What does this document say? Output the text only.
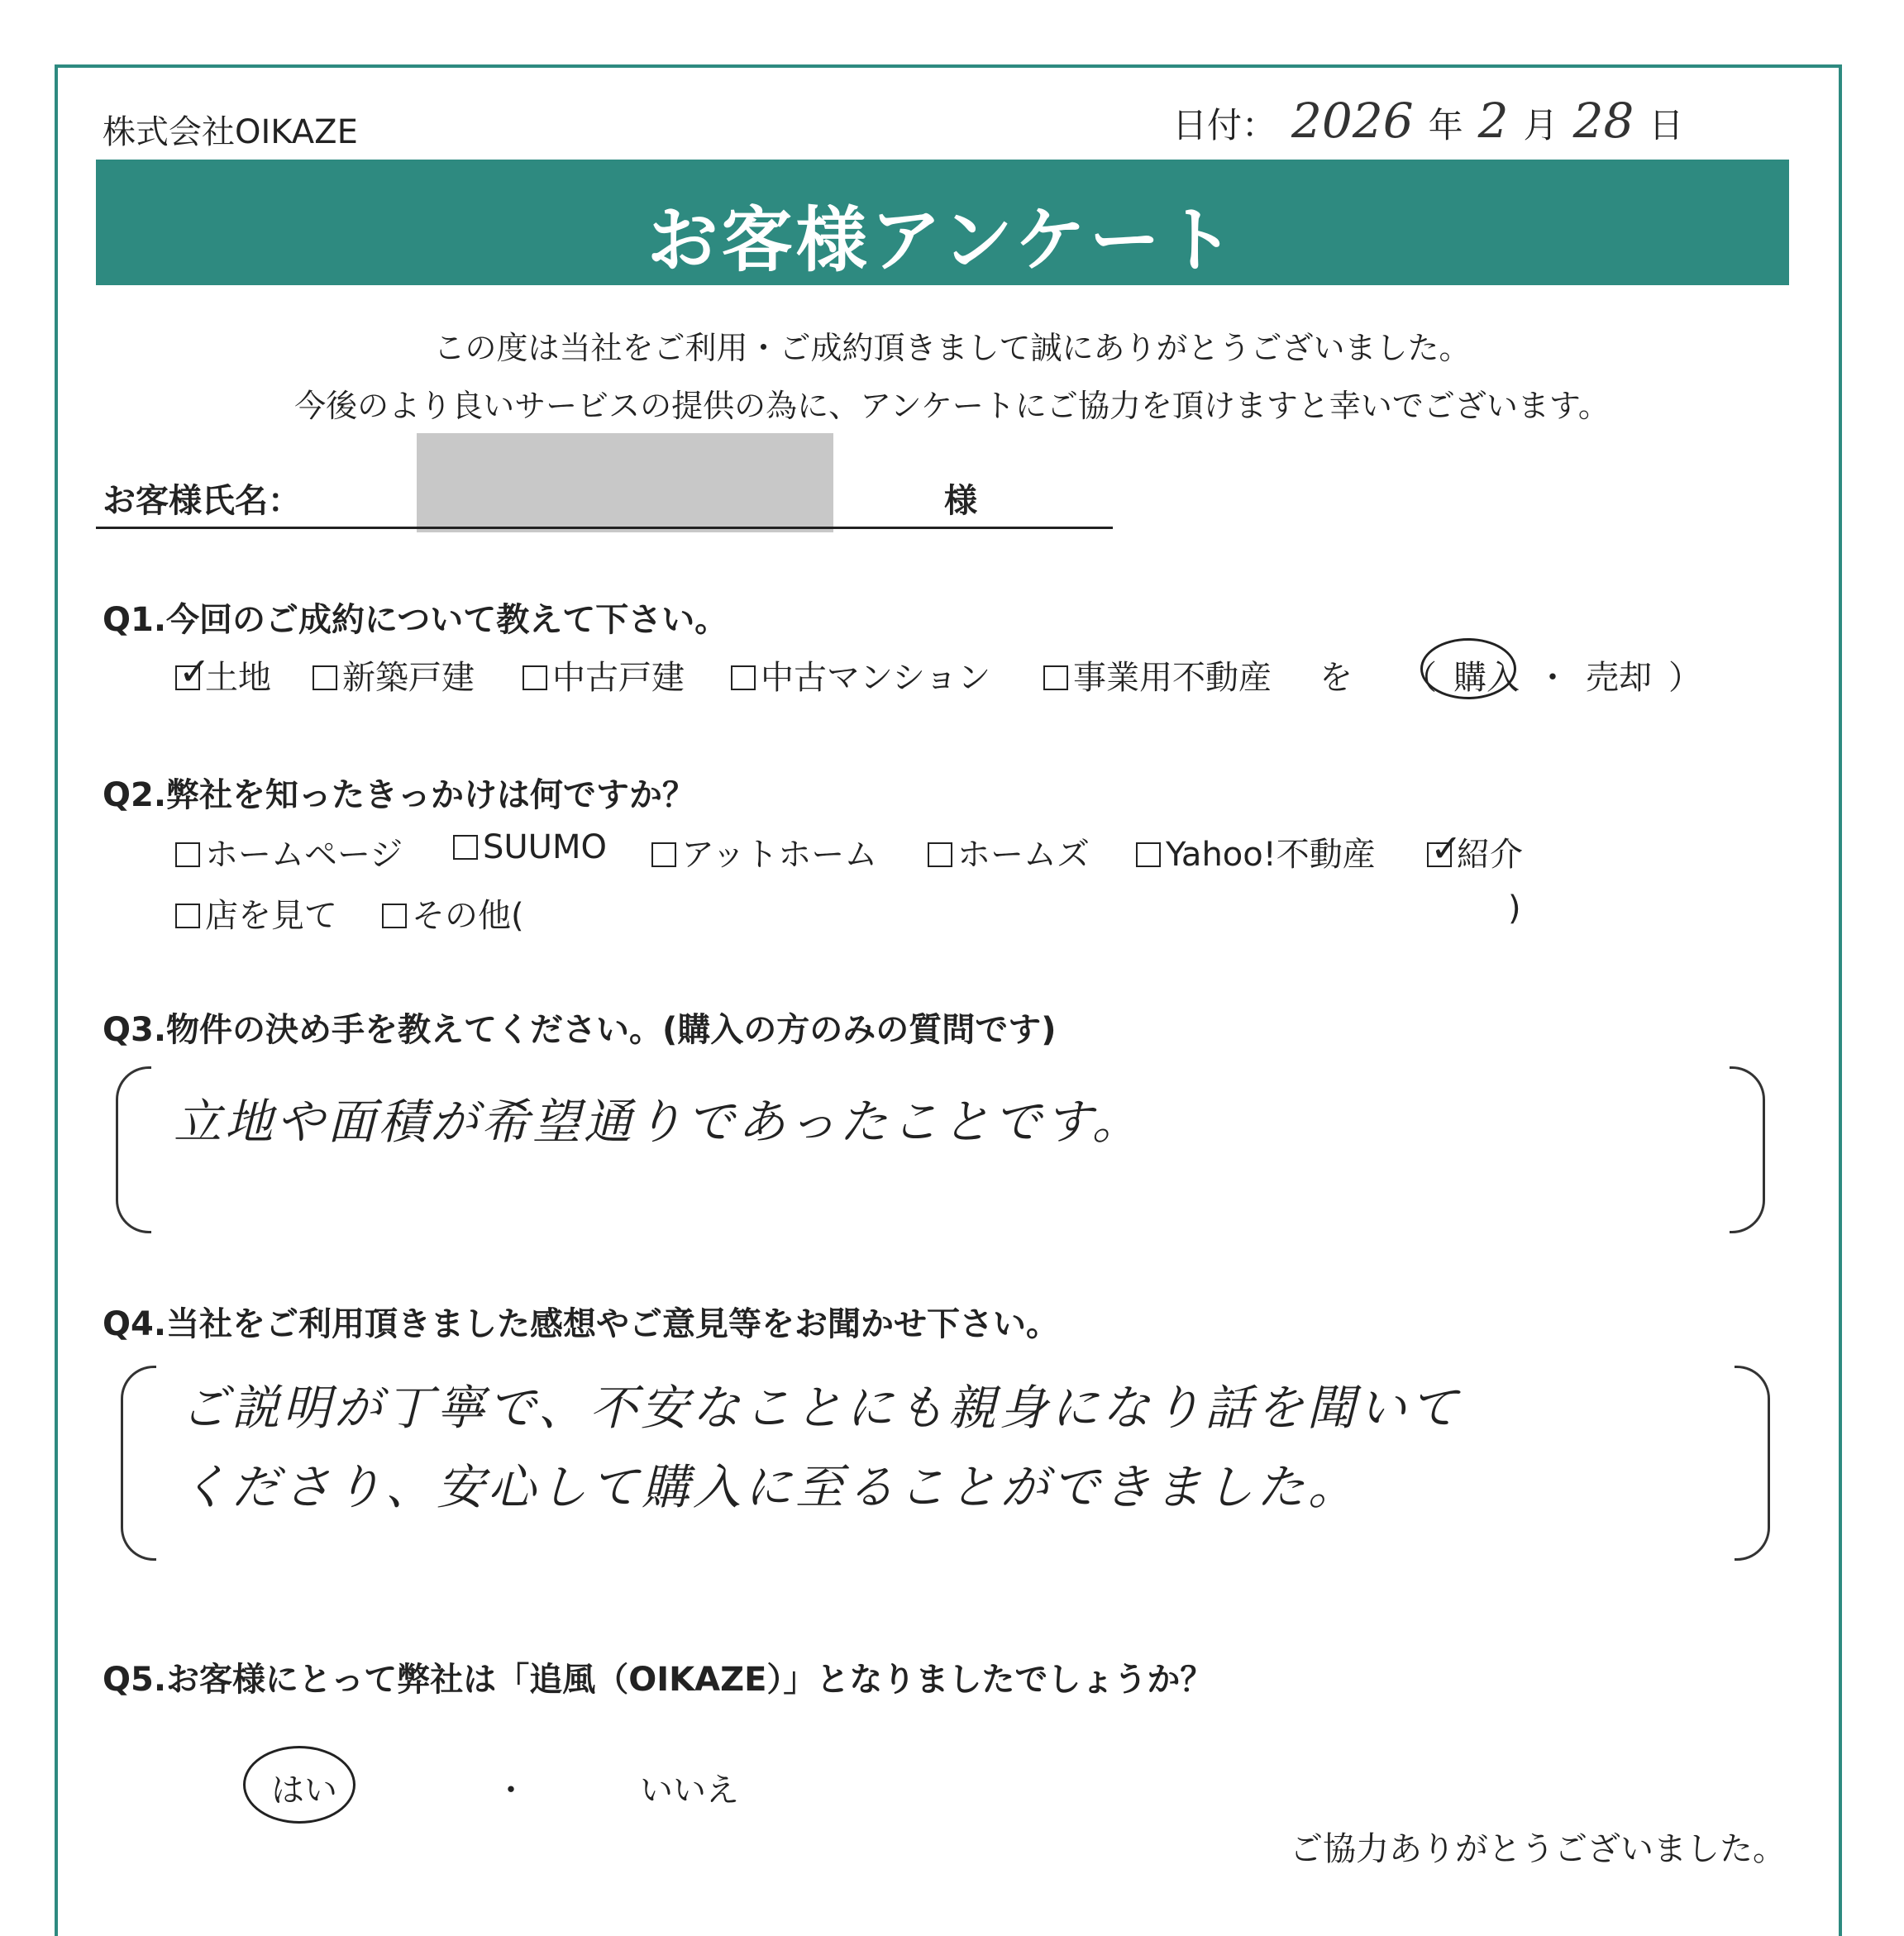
株式会社OIKAZE	日付： 2026 年 2 月 28 日
お客様アンケート
この度は当社をご利用・ご成約頂きまして誠にありがとうございました。
今後のより良いサービスの提供の為に、アンケートにご協力を頂けますと幸いでございます。
お客様氏名：	様
Q1.今回のご成約について教えて下さい。
✓
土地	新築戸建	中古戸建	中古マンション	事業用不動産 を （ 購入 ・ 売却 ）
Q2.弊社を知ったきっかけは何ですか？
ホームページ	SUUMO	アットホーム	ホームズ	Yahoo!不動産 ✓
紹介
店を見て	その他(	)
Q3.物件の決め手を教えてください。(購入の方のみの質問です)
立地や面積が希望通りであったことです。
Q4.当社をご利用頂きました感想やご意見等をお聞かせ下さい。
ご説明が丁寧で、不安なことにも親身になり話を聞いて
くださり、安心して購入に至ることができました。
Q5.お客様にとって弊社は「追風（OIKAZE）」となりましたでしょうか？
はい	・	いいえ
ご協力ありがとうございました。
